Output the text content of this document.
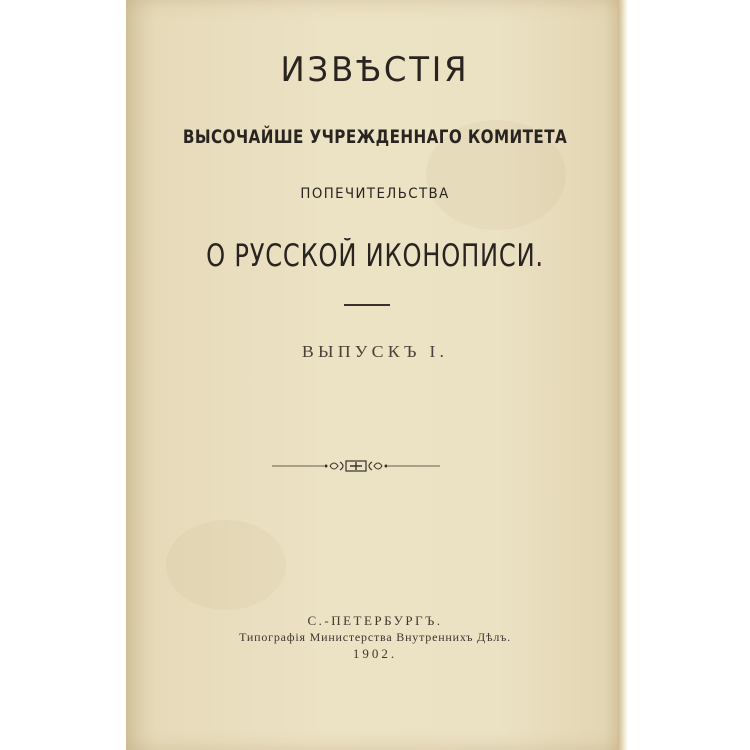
ИЗВѢСТІЯ
ВЫСОЧАЙШЕ УЧРЕЖДЕННАГО КОМИТЕТА
ПОПЕЧИТЕЛЬСТВА
О РУССКОЙ ИКОНОПИСИ.
ВЫПУСКЪ I.
С.-ПЕТЕРБУРГЪ.
Типографія Министерства Внутреннихъ Дѣлъ.
1902.
